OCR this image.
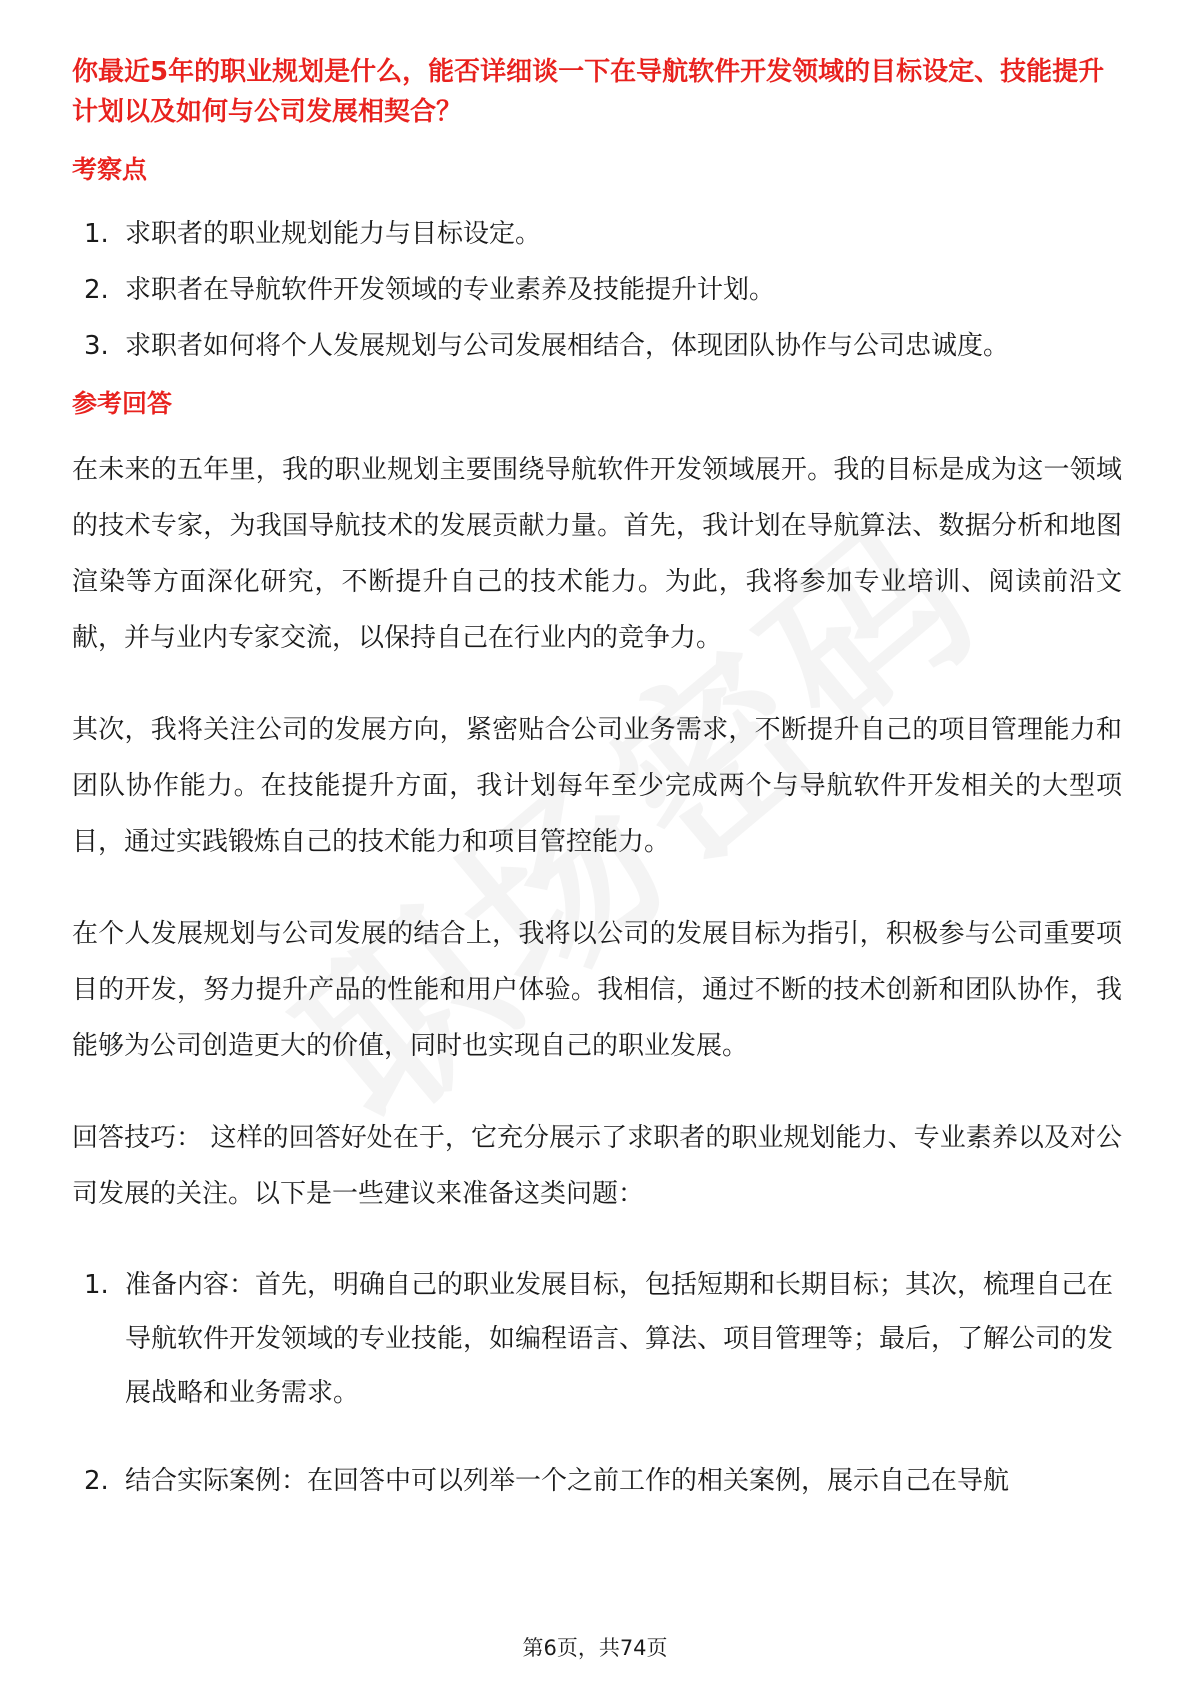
你最近5年的职业规划是什么，能否详细谈一下在导航软件开发领域的目标设定、技能提升计划以及如何与公司发展相契合？

考察点
1. 求职者的职业规划能力与目标设定。
2. 求职者在导航软件开发领域的专业素养及技能提升计划。
3. 求职者如何将个人发展规划与公司发展相结合，体现团队协作与公司忠诚度。
参考回答

在未来的五年里，我的职业规划主要围绕导航软件开发领域展开。我的目标是成为这一领域的技术专家，为我国导航技术的发展贡献力量。首先，我计划在导航算法、数据分析和地图渲染等方面深化研究，不断提升自己的技术能力。为此，我将参加专业培训、阅读前沿文献，并与业内专家交流，以保持自己在行业内的竞争力。

其次，我将关注公司的发展方向，紧密贴合公司业务需求，不断提升自己的项目管理能力和团队协作能力。在技能提升方面，我计划每年至少完成两个与导航软件开发相关的大型项目，通过实践锻炼自己的技术能力和项目管控能力。

在个人发展规划与公司发展的结合上，我将以公司的发展目标为指引，积极参与公司重要项目的开发，努力提升产品的性能和用户体验。我相信，通过不断的技术创新和团队协作，我能够为公司创造更大的价值，同时也实现自己的职业发展。

回答技巧： 这样的回答好处在于，它充分展示了求职者的职业规划能力、专业素养以及对公司发展的关注。以下是一些建议来准备这类问题：

1. 准备内容：首先，明确自己的职业发展目标，包括短期和长期目标；其次，梳理自己在导航软件开发领域的专业技能，如编程语言、算法、项目管理等；最后，了解公司的发展战略和业务需求。
2. 结合实际案例：在回答中可以列举一个之前工作的相关案例，展示自己在导航
第6页，共74页
